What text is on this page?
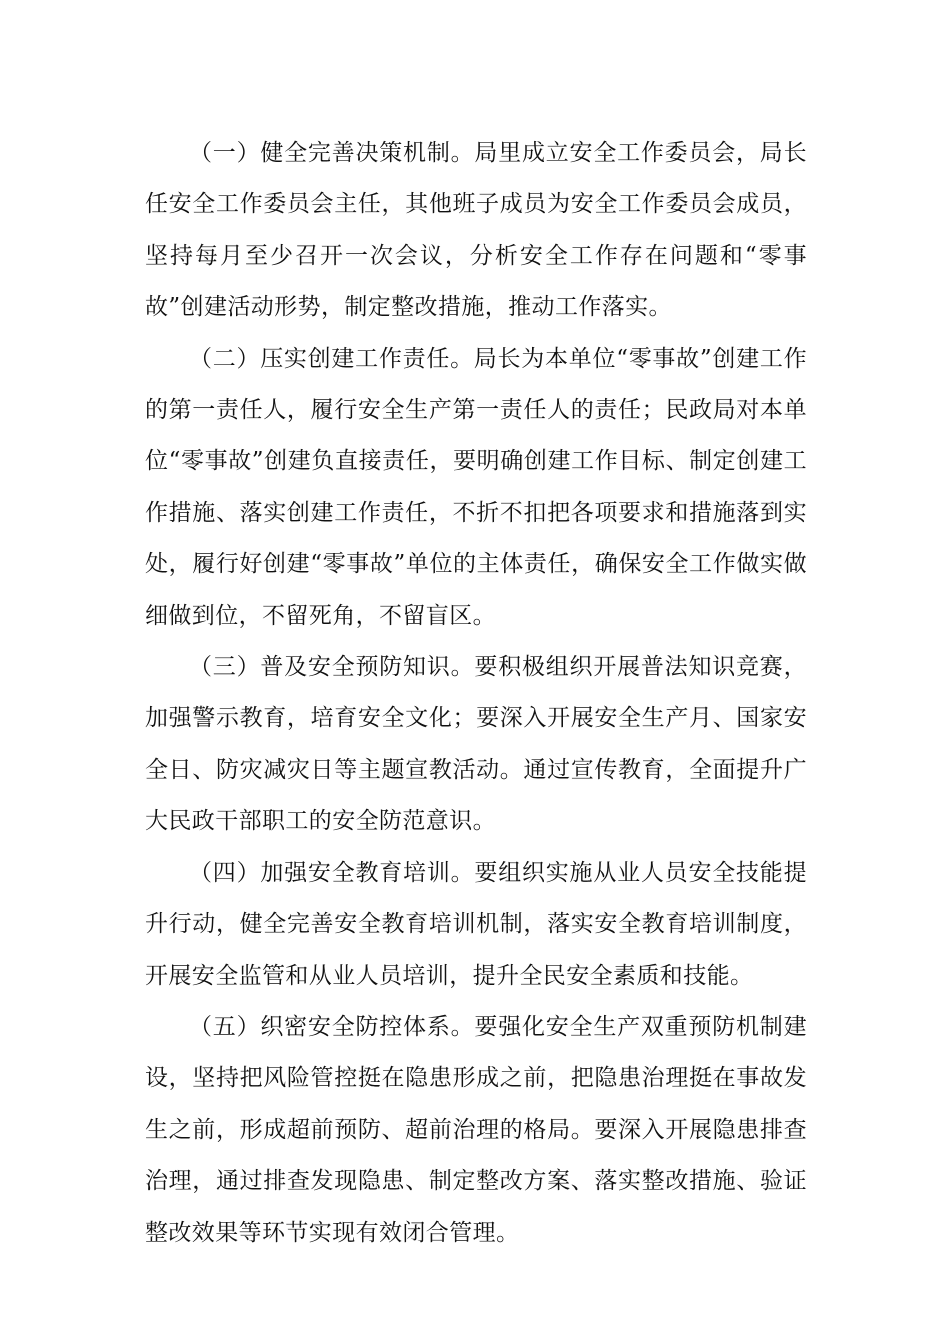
（一）健全完善决策机制。局里成立安全工作委员会，局长任安全工作委员会主任，其他班子成员为安全工作委员会成员，坚持每月至少召开一次会议，分析安全工作存在问题和“零事故”创建活动形势，制定整改措施，推动工作落实。

（二）压实创建工作责任。局长为本单位“零事故”创建工作的第一责任人，履行安全生产第一责任人的责任；民政局对本单位“零事故”创建负直接责任，要明确创建工作目标、制定创建工作措施、落实创建工作责任，不折不扣把各项要求和措施落到实处，履行好创建“零事故”单位的主体责任，确保安全工作做实做细做到位，不留死角，不留盲区。

（三）普及安全预防知识。要积极组织开展普法知识竞赛，加强警示教育，培育安全文化；要深入开展安全生产月、国家安全日、防灾减灾日等主题宣教活动。通过宣传教育，全面提升广大民政干部职工的安全防范意识。

（四）加强安全教育培训。要组织实施从业人员安全技能提升行动，健全完善安全教育培训机制，落实安全教育培训制度，开展安全监管和从业人员培训，提升全民安全素质和技能。

（五）织密安全防控体系。要强化安全生产双重预防机制建设，坚持把风险管控挺在隐患形成之前，把隐患治理挺在事故发生之前，形成超前预防、超前治理的格局。要深入开展隐患排查治理，通过排查发现隐患、制定整改方案、落实整改措施、验证整改效果等环节实现有效闭合管理。
